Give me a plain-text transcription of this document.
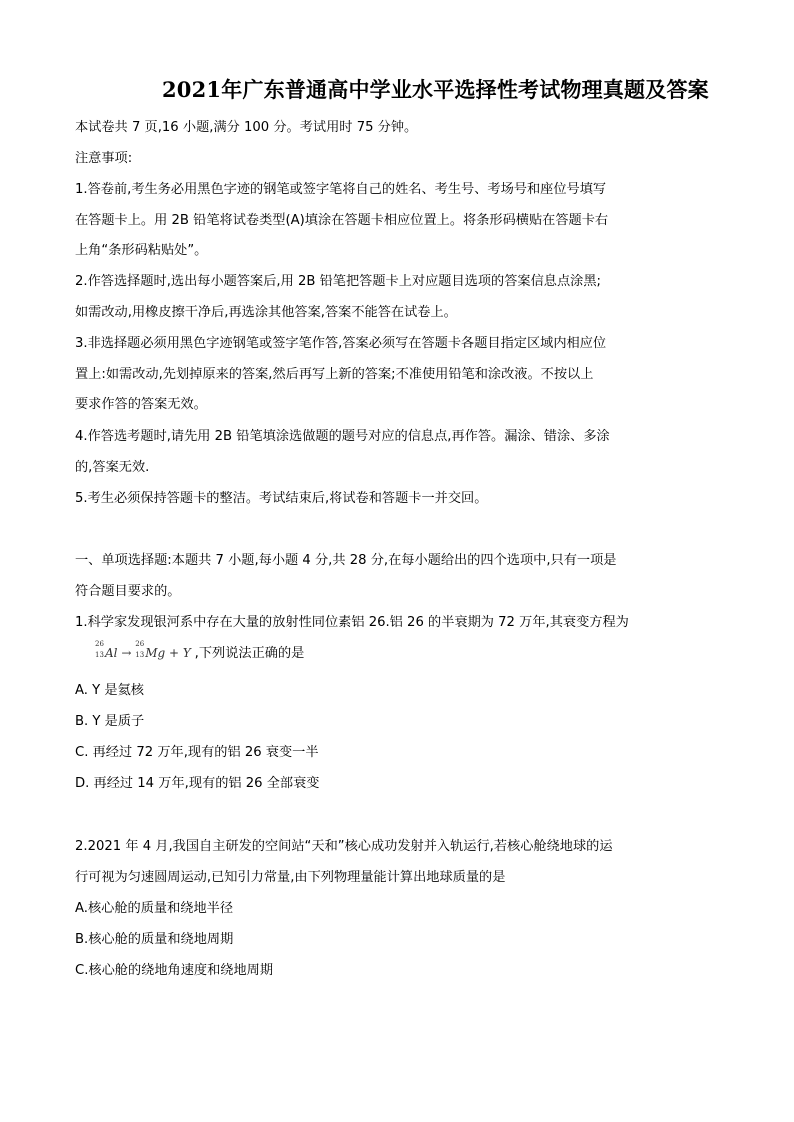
2021年广东普通高中学业水平选择性考试物理真题及答案
本试卷共 7 页,16 小题,满分 100 分。考试用时 75 分钟。
注意事项:
1.答卷前,考生务必用黑色字迹的钢笔或签字笔将自己的姓名、考生号、考场号和座位号填写
在答题卡上。用 2B 铅笔将试卷类型(A)填涂在答题卡相应位置上。将条形码横贴在答题卡右
上角“条形码粘贴处”。
2.作答选择题时,选出每小题答案后,用 2B 铅笔把答题卡上对应题目选项的答案信息点涂黑;
如需改动,用橡皮擦干净后,再选涂其他答案,答案不能答在试卷上。
3.非选择题必须用黑色字迹钢笔或签字笔作答,答案必须写在答题卡各题目指定区域内相应位
置上:如需改动,先划掉原来的答案,然后再写上新的答案;不准使用铅笔和涂改液。不按以上
要求作答的答案无效。
4.作答选考题时,请先用 2B 铅笔填涂选做题的题号对应的信息点,再作答。漏涂、错涂、多涂
的,答案无效.
5.考生必须保持答题卡的整洁。考试结束后,将试卷和答题卡一并交回。
一、单项选择题:本题共 7 小题,每小题 4 分,共 28 分,在每小题给出的四个选项中,只有一项是
符合题目要求的。
1.科学家发现银河系中存在大量的放射性同位素铝 26.铝 26 的半衰期为 72 万年,其衰变方程为
26
13 Al →
26
13 Mg + Y ,下列说法正确的是
A. Y 是氦核
B. Y 是质子
C. 再经过 72 万年,现有的铝 26 衰变一半
D. 再经过 14 万年,现有的铝 26 全部衰变
2.2021 年 4 月,我国自主研发的空间站“天和”核心成功发射并入轨运行,若核心舱绕地球的运
行可视为匀速圆周运动,已知引力常量,由下列物理量能计算出地球质量的是
A.核心舱的质量和绕地半径
B.核心舱的质量和绕地周期
C.核心舱的绕地角速度和绕地周期
